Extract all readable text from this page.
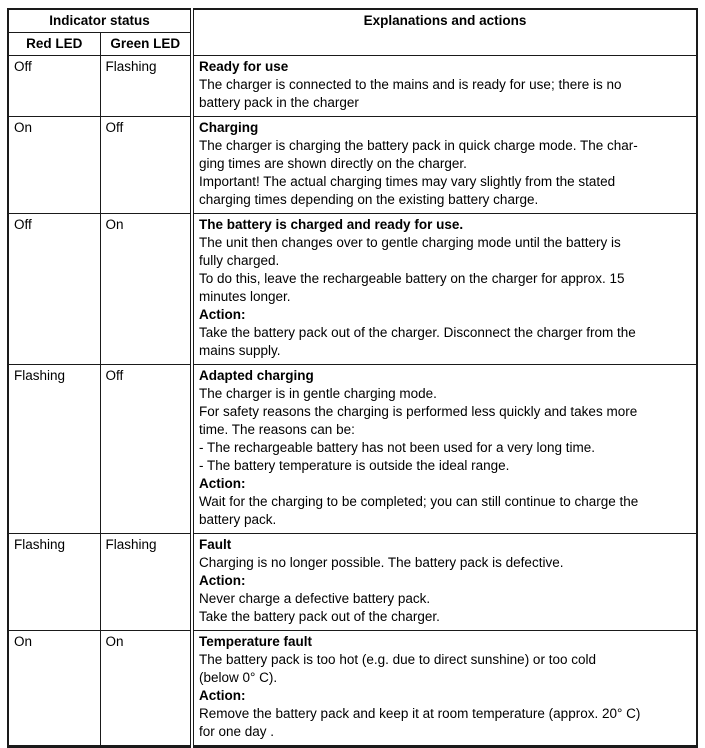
Indicator status		Explanations and actions
Red LED	Green LED	
Off	Flashing	Ready for use
The charger is connected to the mains and is ready for use; there is no
battery pack in the charger

On	Off	Charging
The charger is charging the battery pack in quick charge mode. The char-
ging times are shown directly on the charger.
Important! The actual charging times may vary slightly from the stated
charging times depending on the existing battery charge.

Off	On	The battery is charged and ready for use.
The unit then changes over to gentle charging mode until the battery is
fully charged.
To do this, leave the rechargeable battery on the charger for approx. 15
minutes longer.
Action:
Take the battery pack out of the charger. Disconnect the charger from the
mains supply.

Flashing	Off	Adapted charging
The charger is in gentle charging mode.
For safety reasons the charging is performed less quickly and takes more
time. The reasons can be:
- The rechargeable battery has not been used for a very long time.
- The battery temperature is outside the ideal range.
Action:
Wait for the charging to be completed; you can still continue to charge the
battery pack.

Flashing	Flashing	Fault
Charging is no longer possible. The battery pack is defective.
Action:
Never charge a defective battery pack.
Take the battery pack out of the charger.

On	On	Temperature fault
The battery pack is too hot (e.g. due to direct sunshine) or too cold
(below 0° C).
Action:
Remove the battery pack and keep it at room temperature (approx. 20° C)
for one day .
